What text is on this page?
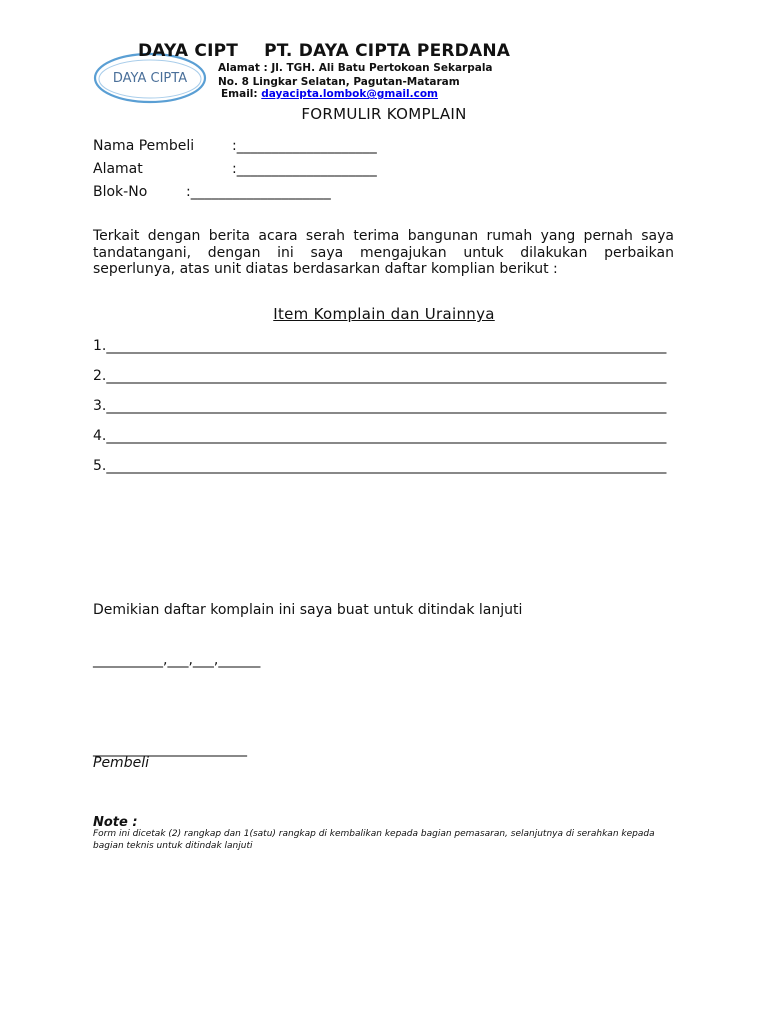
DAYA CIPTA
DAYA CIPT PT. DAYA CIPTA PERDANA
Alamat : Jl. TGH. Ali Batu Pertokoan Sekarpala
No. 8 Lingkar Selatan, Pagutan-Mataram
Email: dayacipta.lombok@gmail.com
FORMULIR KOMPLAIN
Nama Pembeli	:____________________
Alamat	:____________________
Blok-No	:____________________
Terkait dengan berita acara serah terima bangunan rumah yang pernah saya tandatangani, dengan ini saya mengajukan untuk dilakukan perbaikan seperlunya, atas unit diatas berdasarkan daftar komplian berikut :
Item Komplain dan Urainnya
1.________________________________________________________________________________
2.________________________________________________________________________________
3.________________________________________________________________________________
4.________________________________________________________________________________
5.________________________________________________________________________________
Demikian daftar komplain ini saya buat untuk ditindak lanjuti
__________,___,___,______
______________________
Pembeli
Note :
Form ini dicetak (2) rangkap dan 1(satu) rangkap di kembalikan kepada bagian pemasaran, selanjutnya di serahkan kepada bagian teknis untuk ditindak lanjuti
